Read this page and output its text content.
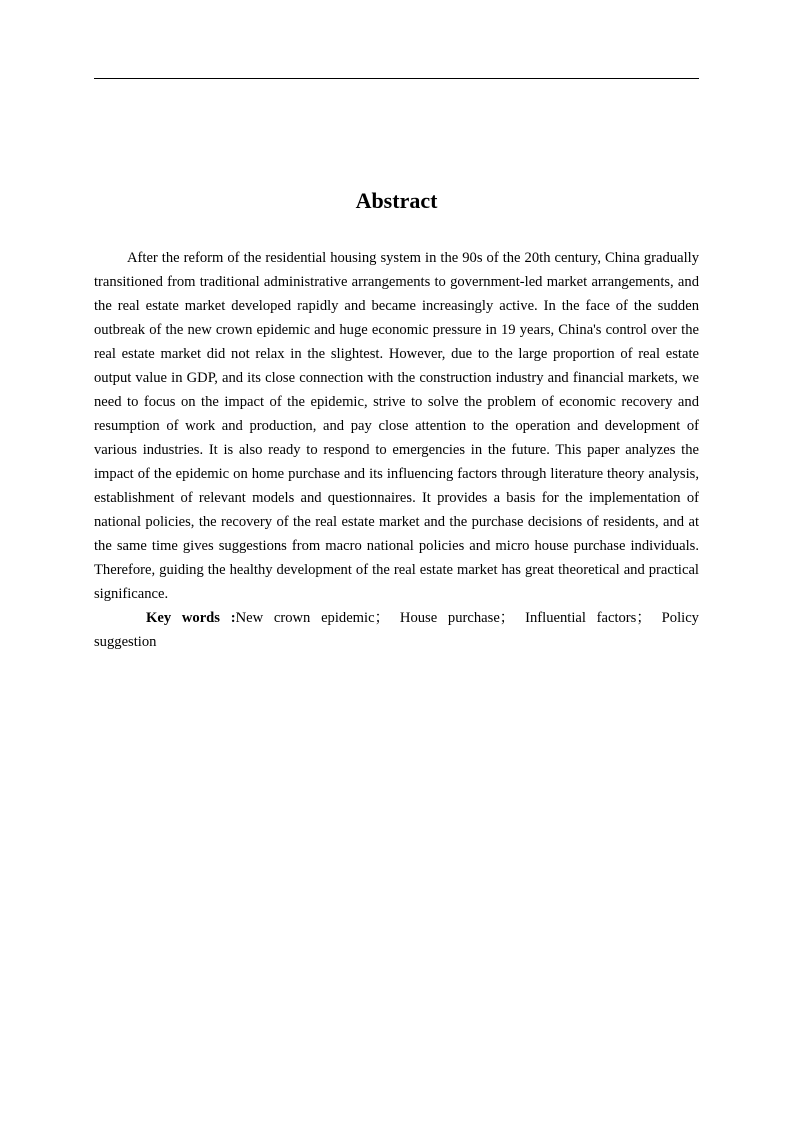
Abstract

After the reform of the residential housing system in the 90s of the 20th century, China gradually transitioned from traditional administrative arrangements to government-led market arrangements, and the real estate market developed rapidly and became increasingly active. In the face of the sudden outbreak of the new crown epidemic and huge economic pressure in 19 years, China's control over the real estate market did not relax in the slightest. However, due to the large proportion of real estate output value in GDP, and its close connection with the construction industry and financial markets, we need to focus on the impact of the epidemic, strive to solve the problem of economic recovery and resumption of work and production, and pay close attention to the operation and development of various industries. It is also ready to respond to emergencies in the future. This paper analyzes the impact of the epidemic on home purchase and its influencing factors through literature theory analysis, establishment of relevant models and questionnaires. It provides a basis for the implementation of national policies, the recovery of the real estate market and the purchase decisions of residents, and at the same time gives suggestions from macro national policies and micro house purchase individuals. Therefore, guiding the healthy development of the real estate market has great theoretical and practical significance.

Key words :New crown epidemic； House purchase； Influential factors； Policy suggestion
